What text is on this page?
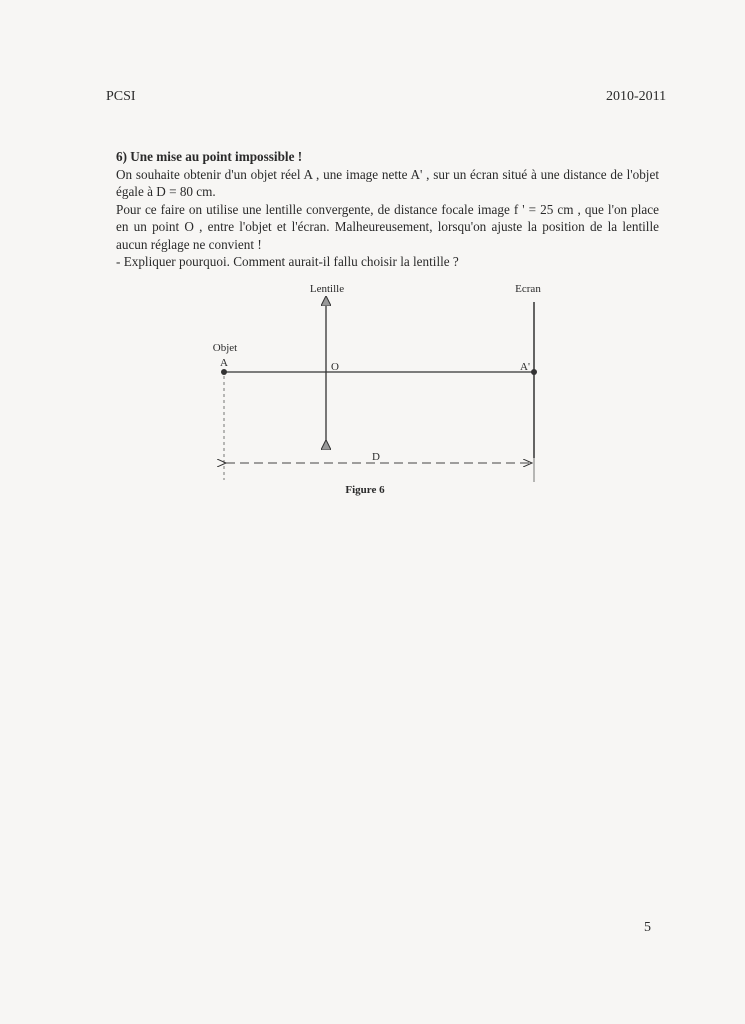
PCSI	2010-2011

6) Une mise au point impossible !

On souhaite obtenir d'un objet réel A , une image nette A' , sur un écran situé à une distance de l'objet égale à D = 80 cm.

Pour ce faire on utilise une lentille convergente, de distance focale image f ' = 25 cm , que l'on place en un point O , entre l'objet et l'écran. Malheureusement, lorsqu'on ajuste la position de la lentille aucun réglage ne convient !

- Expliquer pourquoi. Comment aurait-il fallu choisir la lentille ?

Lentille	Ecran
Objet
A	O	A'
D
Figure 6
5
